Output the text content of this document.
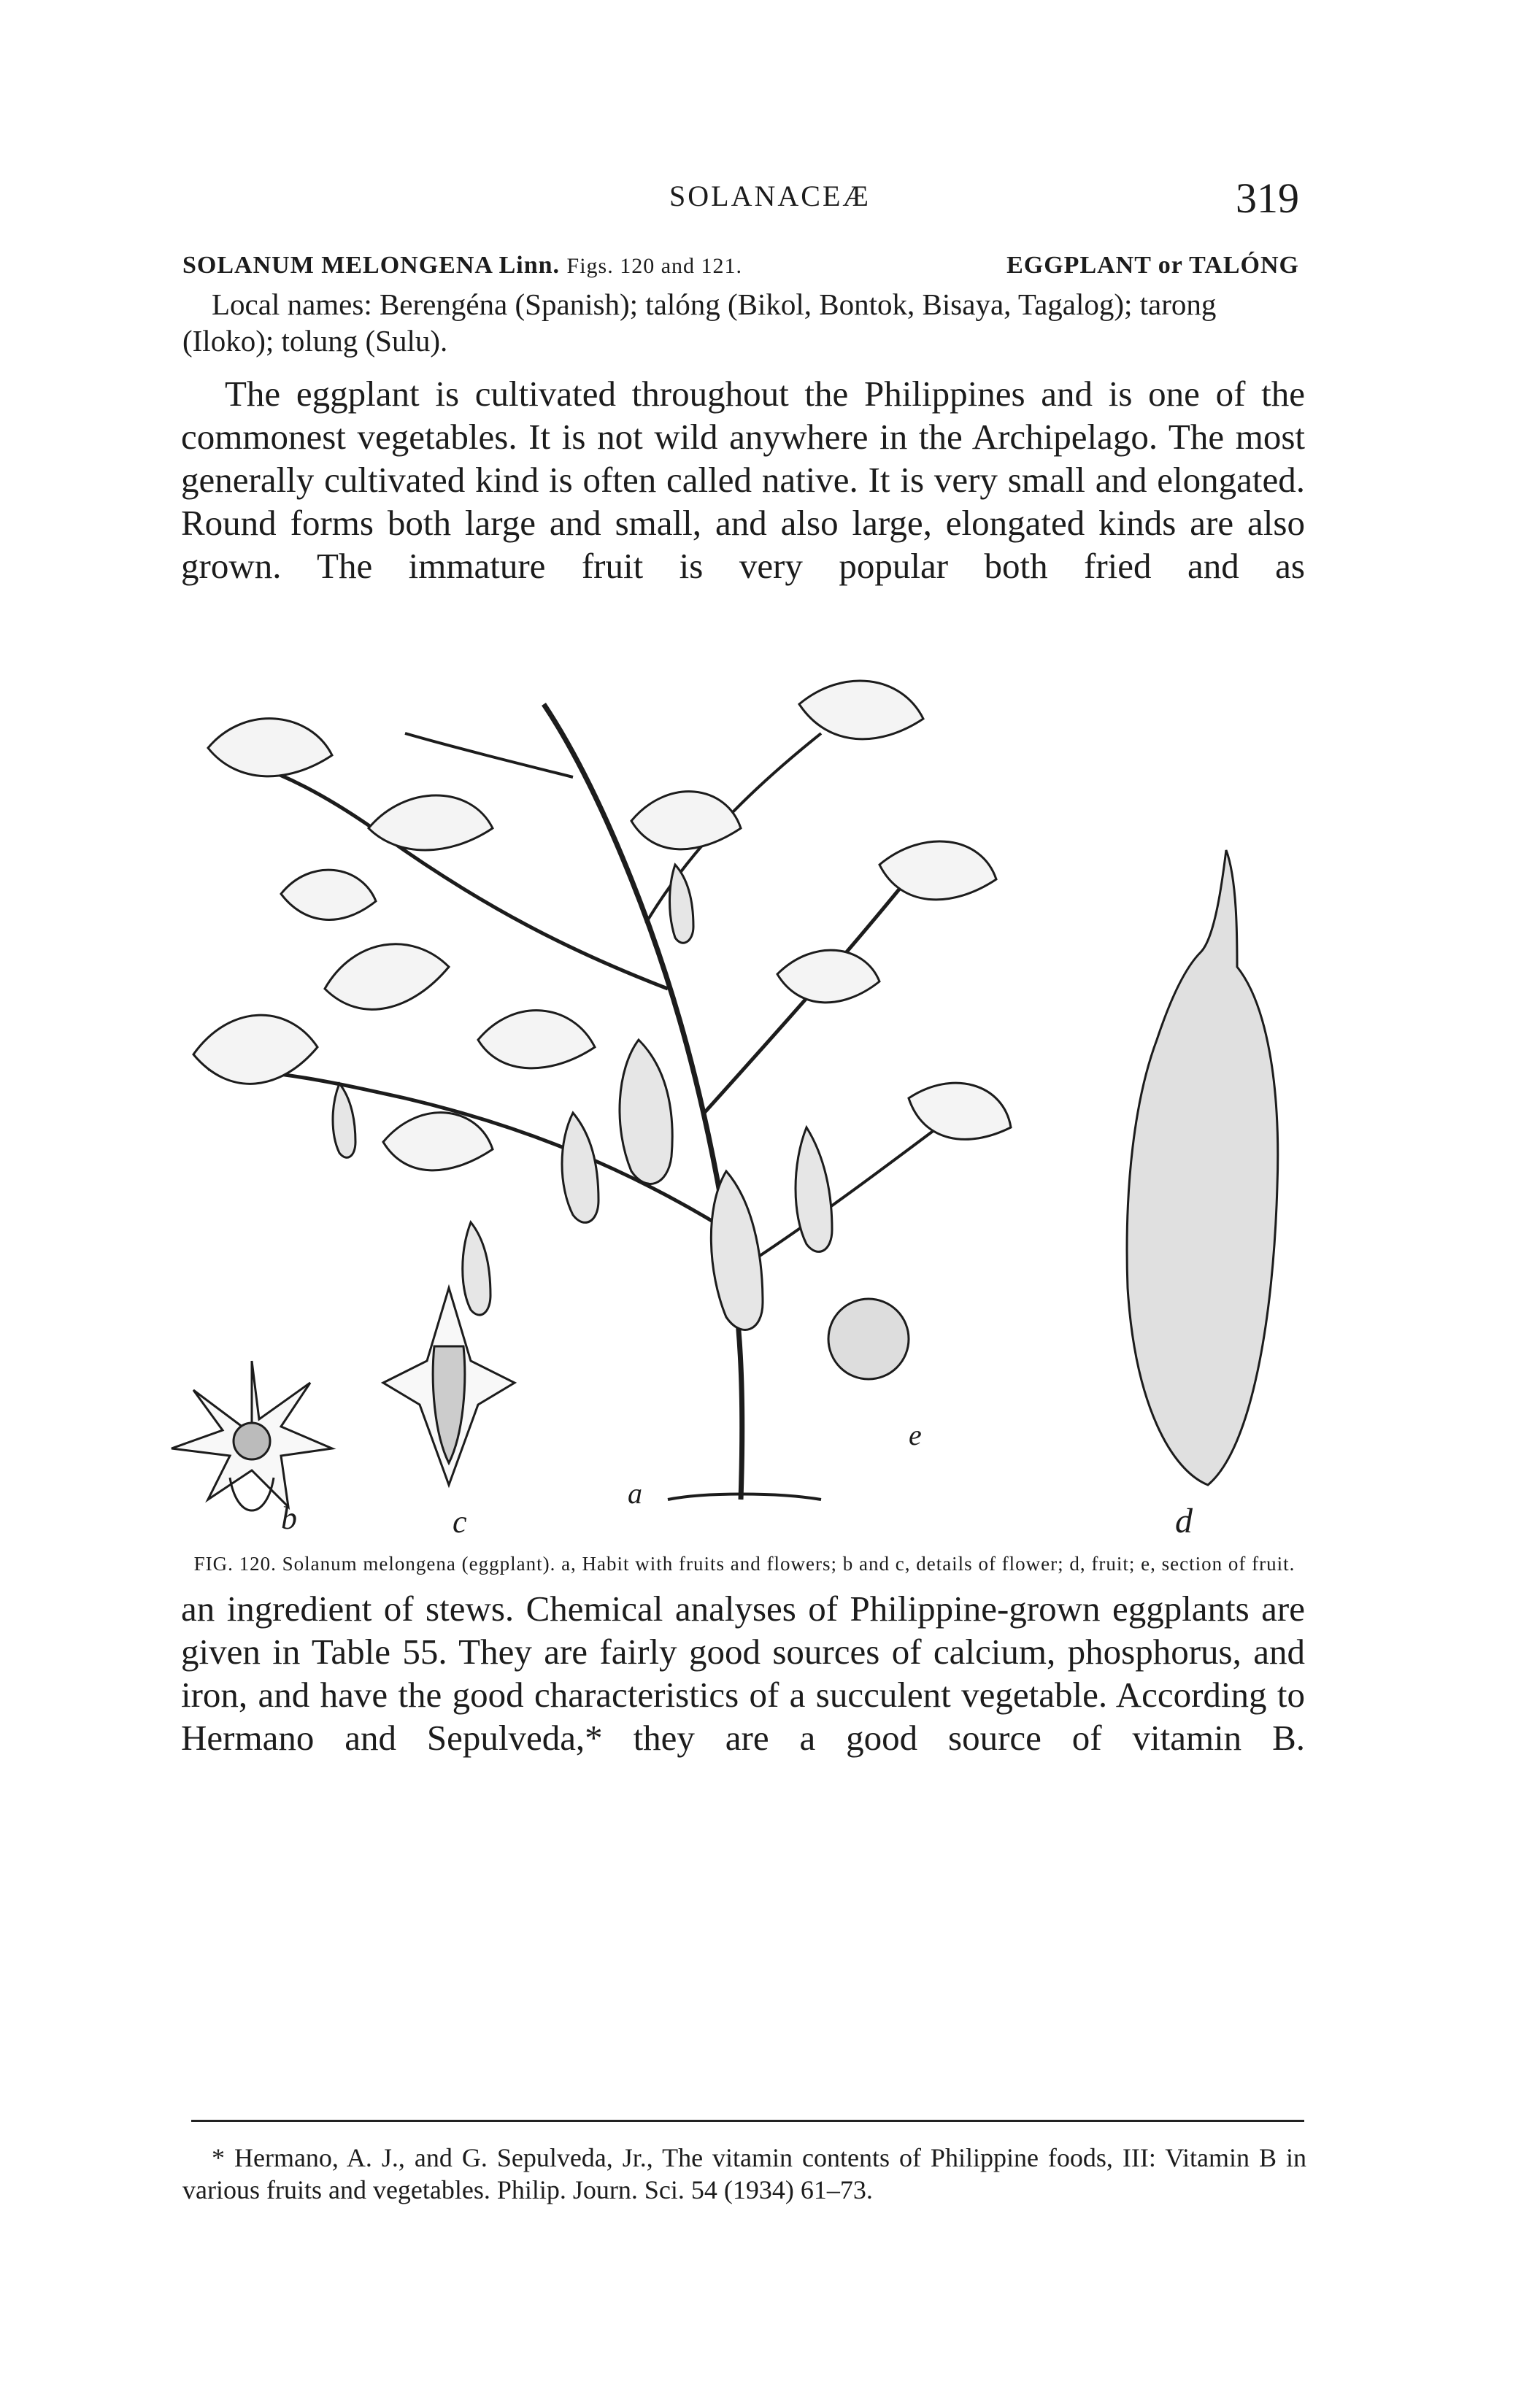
SOLANACEÆ	319
SOLANUM MELONGENA Linn. Figs. 120 and 121.	EGGPLANT or TALÓNG
Local names: Berengéna (Spanish); talóng (Bikol, Bontok, Bisaya, Tagalog); tarong (Iloko); tolung (Sulu).
The eggplant is cultivated throughout the Philippines and is one of the commonest vegetables. It is not wild anywhere in the Archipelago. The most generally cultivated kind is often called native. It is very small and elongated. Round forms both large and small, and also large, elongated kinds are also grown. The immature fruit is very popular both fried and as
a
b	c	d
e
FIG. 120. Solanum melongena (eggplant). a, Habit with fruits and flowers; b and c, details of flower; d, fruit; e, section of fruit.
an ingredient of stews. Chemical analyses of Philippine-grown eggplants are given in Table 55. They are fairly good sources of calcium, phosphorus, and iron, and have the good characteristics of a succulent vegetable. According to Hermano and Sepulveda,* they are a good source of vitamin B.
* Hermano, A. J., and G. Sepulveda, Jr., The vitamin contents of Philippine foods, III: Vitamin B in various fruits and vegetables. Philip. Journ. Sci. 54 (1934) 61–73.
